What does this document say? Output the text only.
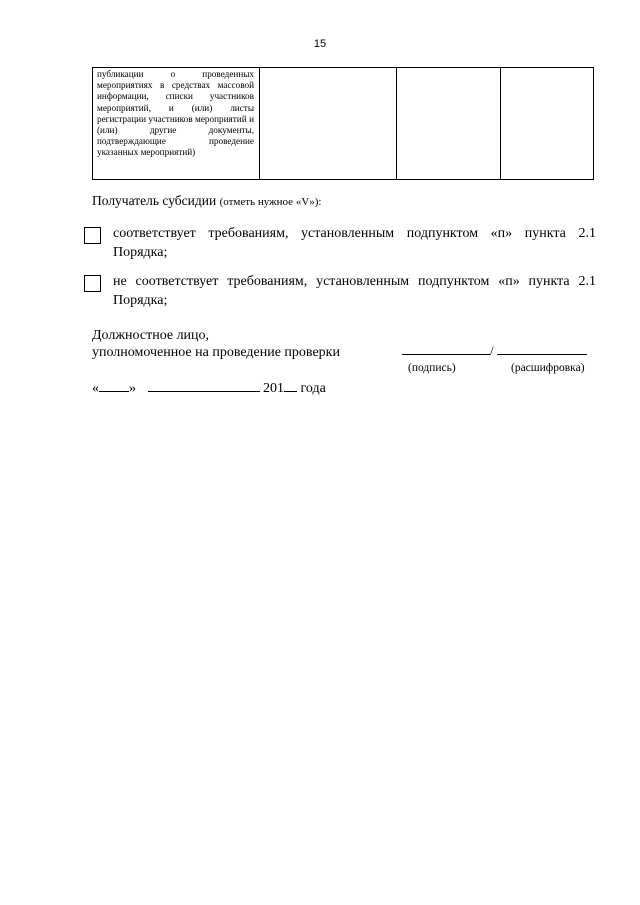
15
публикации о проведенных мероприятиях в средствах массовой информации, списки участников мероприятий, и (или) листы регистрации участников мероприятий и (или) другие документы, подтверждающие проведение указанных мероприятий)

Получатель субсидии (отметь нужное «V»):
соответствует требованиям, установленным подпунктом «п» пункта 2.1 Порядка;
не соответствует требованиям, установленным подпунктом «п» пункта 2.1 Порядка;
Должностное лицо,
уполномоченное на проведение проверки	/
(подпись)	(расшифровка)
« »	201 года
